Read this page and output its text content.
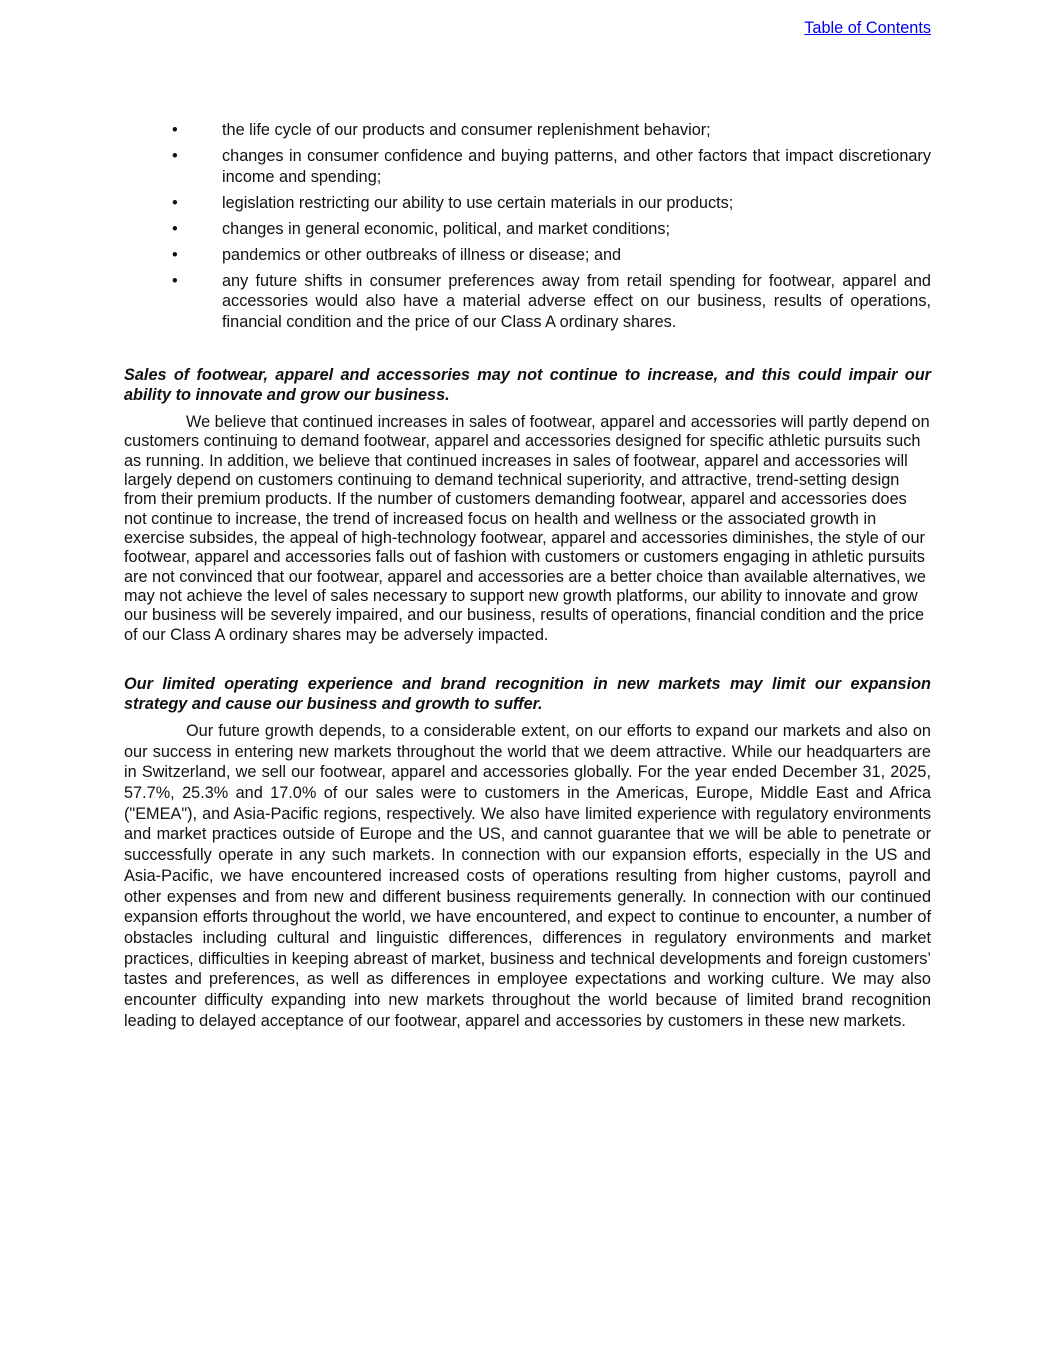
Table of Contents
•	the life cycle of our products and consumer replenishment behavior;
•	changes in consumer confidence and buying patterns, and other factors that impact discretionary income and spending;
•	legislation restricting our ability to use certain materials in our products;
•	changes in general economic, political, and market conditions;
•	pandemics or other outbreaks of illness or disease; and
•	any future shifts in consumer preferences away from retail spending for footwear, apparel and accessories would also have a material adverse effect on our business, results of operations, financial condition and the price of our Class A ordinary shares.
Sales of footwear, apparel and accessories may not continue to increase, and this could impair our ability to innovate and grow our business.

We believe that continued increases in sales of footwear, apparel and accessories will partly depend on customers continuing to demand footwear, apparel and accessories designed for specific athletic pursuits such as running. In addition, we believe that continued increases in sales of footwear, apparel and accessories will largely depend on customers continuing to demand technical superiority, and attractive, trend-setting design from their premium products. If the number of customers demanding footwear, apparel and accessories does not continue to increase, the trend of increased focus on health and wellness or the associated growth in exercise subsides, the appeal of high-technology footwear, apparel and accessories diminishes, the style of our footwear, apparel and accessories falls out of fashion with customers or customers engaging in athletic pursuits are not convinced that our footwear, apparel and accessories are a better choice than available alternatives, we may not achieve the level of sales necessary to support new growth platforms, our ability to innovate and grow our business will be severely impaired, and our business, results of operations, financial condition and the price of our Class A ordinary shares may be adversely impacted.

Our limited operating experience and brand recognition in new markets may limit our expansion strategy and cause our business and growth to suffer.

Our future growth depends, to a considerable extent, on our efforts to expand our markets and also on our success in entering new markets throughout the world that we deem attractive. While our headquarters are in Switzerland, we sell our footwear, apparel and accessories globally. For the year ended December 31, 2025, 57.7%, 25.3% and 17.0% of our sales were to customers in the Americas, Europe, Middle East and Africa ("EMEA"), and Asia-Pacific regions, respectively. We also have limited experience with regulatory environments and market practices outside of Europe and the US, and cannot guarantee that we will be able to penetrate or successfully operate in any such markets. In connection with our expansion efforts, especially in the US and Asia-Pacific, we have encountered increased costs of operations resulting from higher customs, payroll and other expenses and from new and different business requirements generally. In connection with our continued expansion efforts throughout the world, we have encountered, and expect to continue to encounter, a number of obstacles including cultural and linguistic differences, differences in regulatory environments and market practices, difficulties in keeping abreast of market, business and technical developments and foreign customers’ tastes and preferences, as well as differences in employee expectations and working culture. We may also encounter difficulty expanding into new markets throughout the world because of limited brand recognition leading to delayed acceptance of our footwear, apparel and accessories by customers in these new markets.
